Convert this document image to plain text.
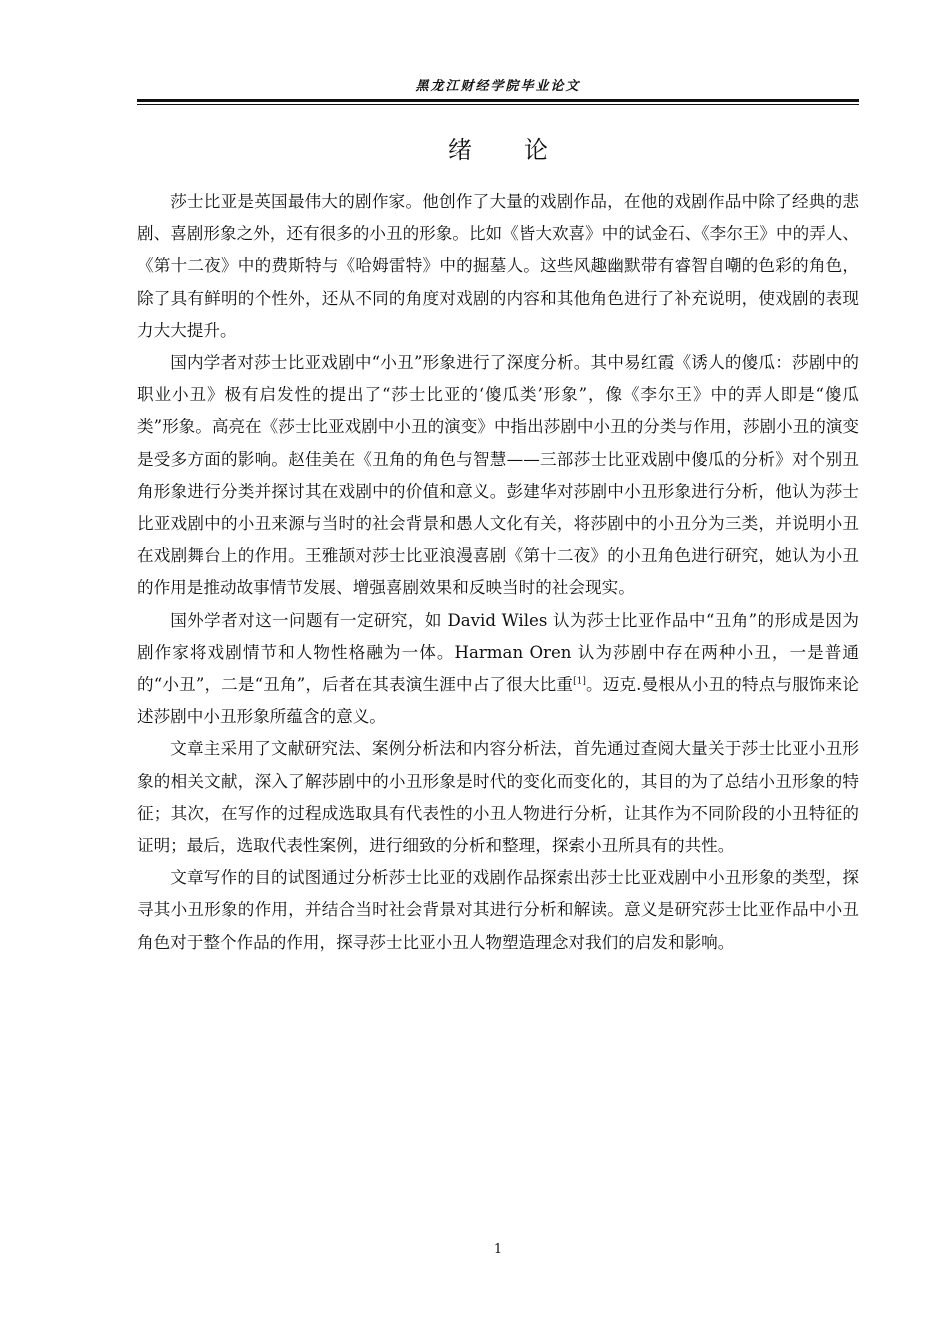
黑龙江财经学院毕业论文
绪 论

莎士比亚是英国最伟大的剧作家。他创作了大量的戏剧作品，在他的戏剧作品中除了经典的悲剧、喜剧形象之外，还有很多的小丑的形象。比如《皆大欢喜》中的试金石、《李尔王》中的弄人、《第十二夜》中的费斯特与《哈姆雷特》中的掘墓人。这些风趣幽默带有睿智自嘲的色彩的角色，除了具有鲜明的个性外，还从不同的角度对戏剧的内容和其他角色进行了补充说明，使戏剧的表现力大大提升。

国内学者对莎士比亚戏剧中“小丑”形象进行了深度分析。其中易红霞《诱人的傻瓜：莎剧中的职业小丑》极有启发性的提出了“莎士比亚的‘傻瓜类’形象”，像《李尔王》中的弄人即是“傻瓜类”形象。高亮在《莎士比亚戏剧中小丑的演变》中指出莎剧中小丑的分类与作用，莎剧小丑的演变是受多方面的影响。赵佳美在《丑角的角色与智慧——三部莎士比亚戏剧中傻瓜的分析》对个别丑角形象进行分类并探讨其在戏剧中的价值和意义。彭建华对莎剧中小丑形象进行分析，他认为莎士比亚戏剧中的小丑来源与当时的社会背景和愚人文化有关，将莎剧中的小丑分为三类，并说明小丑在戏剧舞台上的作用。王雅颉对莎士比亚浪漫喜剧《第十二夜》的小丑角色进行研究，她认为小丑的作用是推动故事情节发展、增强喜剧效果和反映当时的社会现实。

国外学者对这一问题有一定研究，如 David Wiles 认为莎士比亚作品中“丑角”的形成是因为剧作家将戏剧情节和人物性格融为一体。Harman Oren 认为莎剧中存在两种小丑，一是普通的“小丑”，二是“丑角”，后者在其表演生涯中占了很大比重[1]。迈克.曼根从小丑的特点与服饰来论述莎剧中小丑形象所蕴含的意义。

文章主采用了文献研究法、案例分析法和内容分析法，首先通过查阅大量关于莎士比亚小丑形象的相关文献，深入了解莎剧中的小丑形象是时代的变化而变化的，其目的为了总结小丑形象的特征；其次，在写作的过程成选取具有代表性的小丑人物进行分析，让其作为不同阶段的小丑特征的证明；最后，选取代表性案例，进行细致的分析和整理，探索小丑所具有的共性。

文章写作的目的试图通过分析莎士比亚的戏剧作品探索出莎士比亚戏剧中小丑形象的类型，探寻其小丑形象的作用，并结合当时社会背景对其进行分析和解读。意义是研究莎士比亚作品中小丑角色对于整个作品的作用，探寻莎士比亚小丑人物塑造理念对我们的启发和影响。

1
